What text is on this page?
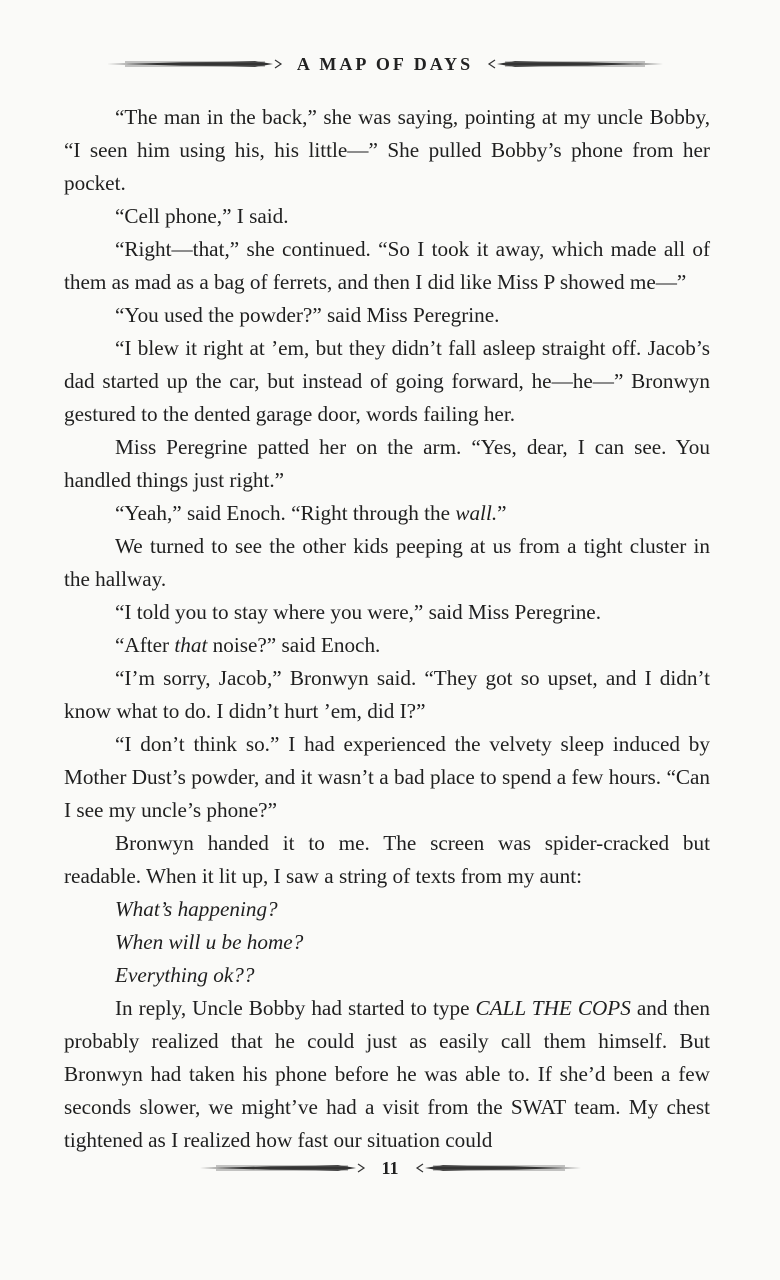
A MAP OF DAYS

“The man in the back,” she was saying, pointing at my uncle Bobby, “I seen him using his, his little—” She pulled Bobby’s phone from her pocket.

“Cell phone,” I said.

“Right—that,” she continued. “So I took it away, which made all of them as mad as a bag of ferrets, and then I did like Miss P showed me—”

“You used the powder?” said Miss Peregrine.

“I blew it right at ’em, but they didn’t fall asleep straight off. Jacob’s dad started up the car, but instead of going forward, he—he—” Bronwyn gestured to the dented garage door, words failing her.

Miss Peregrine patted her on the arm. “Yes, dear, I can see. You handled things just right.”

“Yeah,” said Enoch. “Right through the wall.”

We turned to see the other kids peeping at us from a tight cluster in the hallway.

“I told you to stay where you were,” said Miss Peregrine.

“After that noise?” said Enoch.

“I’m sorry, Jacob,” Bronwyn said. “They got so upset, and I didn’t know what to do. I didn’t hurt ’em, did I?”

“I don’t think so.” I had experienced the velvety sleep induced by Mother Dust’s powder, and it wasn’t a bad place to spend a few hours. “Can I see my uncle’s phone?”

Bronwyn handed it to me. The screen was spider-cracked but readable. When it lit up, I saw a string of texts from my aunt:

What’s happening?

When will u be home?

Everything ok??

In reply, Uncle Bobby had started to type CALL THE COPS and then probably realized that he could just as easily call them himself. But Bronwyn had taken his phone before he was able to. If she’d been a few seconds slower, we might’ve had a visit from the SWAT team. My chest tightened as I realized how fast our situation could

11
